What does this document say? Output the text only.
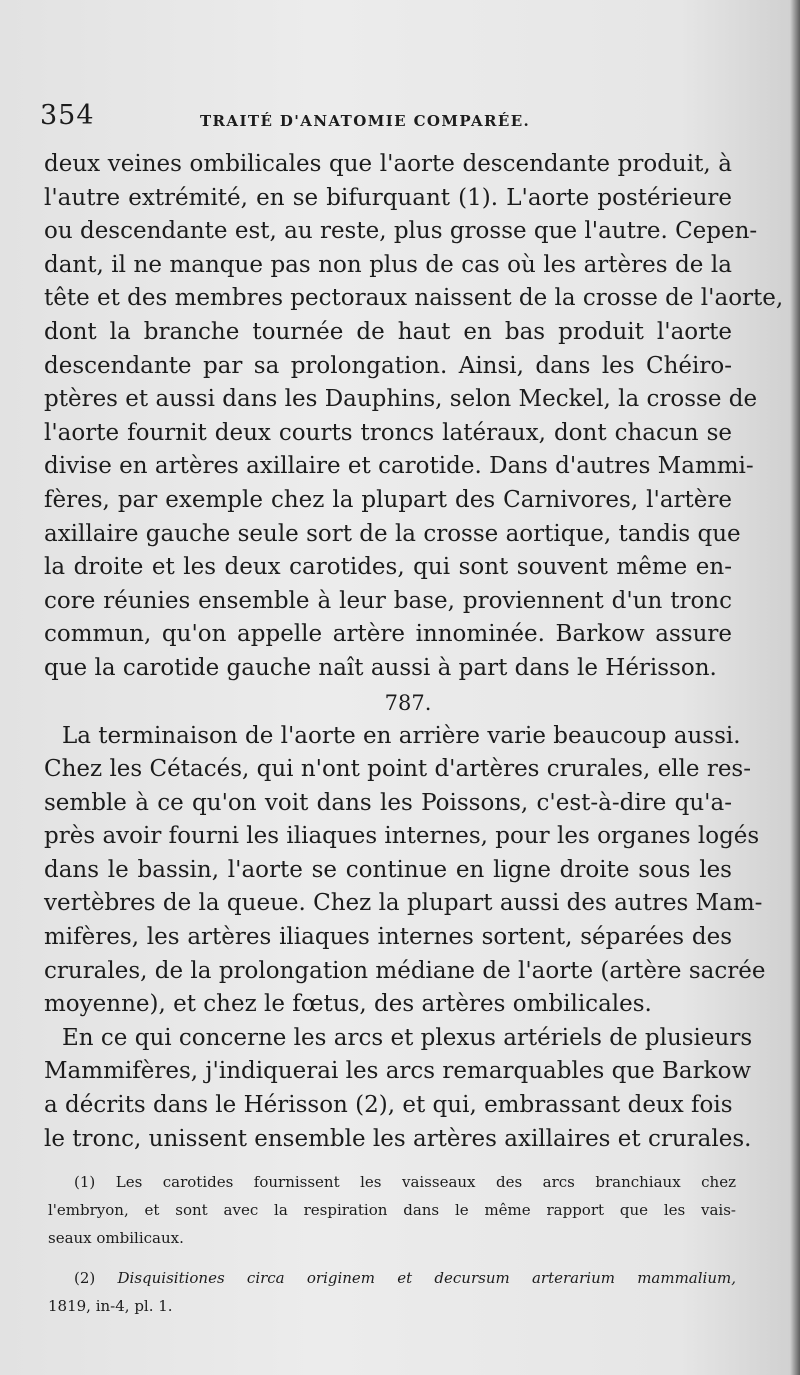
354	TRAITÉ D'ANATOMIE COMPARÉE.
deux veines ombilicales que l'aorte descendante produit, à
l'autre extrémité, en se bifurquant (1). L'aorte postérieure
ou descendante est, au reste, plus grosse que l'autre. Cepen-
dant, il ne manque pas non plus de cas où les artères de la
tête et des membres pectoraux naissent de la crosse de l'aorte,
dont la branche tournée de haut en bas produit l'aorte
descendante par sa prolongation. Ainsi, dans les Chéiro-
ptères et aussi dans les Dauphins, selon Meckel, la crosse de
l'aorte fournit deux courts troncs latéraux, dont chacun se
divise en artères axillaire et carotide. Dans d'autres Mammi-
fères, par exemple chez la plupart des Carnivores, l'artère
axillaire gauche seule sort de la crosse aortique, tandis que
la droite et les deux carotides, qui sont souvent même en-
core réunies ensemble à leur base, proviennent d'un tronc
commun, qu'on appelle artère innominée. Barkow assure
que la carotide gauche naît aussi à part dans le Hérisson.
787.
La terminaison de l'aorte en arrière varie beaucoup aussi.
Chez les Cétacés, qui n'ont point d'artères crurales, elle res-
semble à ce qu'on voit dans les Poissons, c'est-à-dire qu'a-
près avoir fourni les iliaques internes, pour les organes logés
dans le bassin, l'aorte se continue en ligne droite sous les
vertèbres de la queue. Chez la plupart aussi des autres Mam-
mifères, les artères iliaques internes sortent, séparées des
crurales, de la prolongation médiane de l'aorte (artère sacrée
moyenne), et chez le fœtus, des artères ombilicales.
En ce qui concerne les arcs et plexus artériels de plusieurs
Mammifères, j'indiquerai les arcs remarquables que Barkow
a décrits dans le Hérisson (2), et qui, embrassant deux fois
le tronc, unissent ensemble les artères axillaires et crurales.
(1) Les carotides fournissent les vaisseaux des arcs branchiaux chez
l'embryon, et sont avec la respiration dans le même rapport que les vais-
seaux ombilicaux.
(2) Disquisitiones circa originem et decursum arterarium mammalium,
1819, in-4, pl. 1.
